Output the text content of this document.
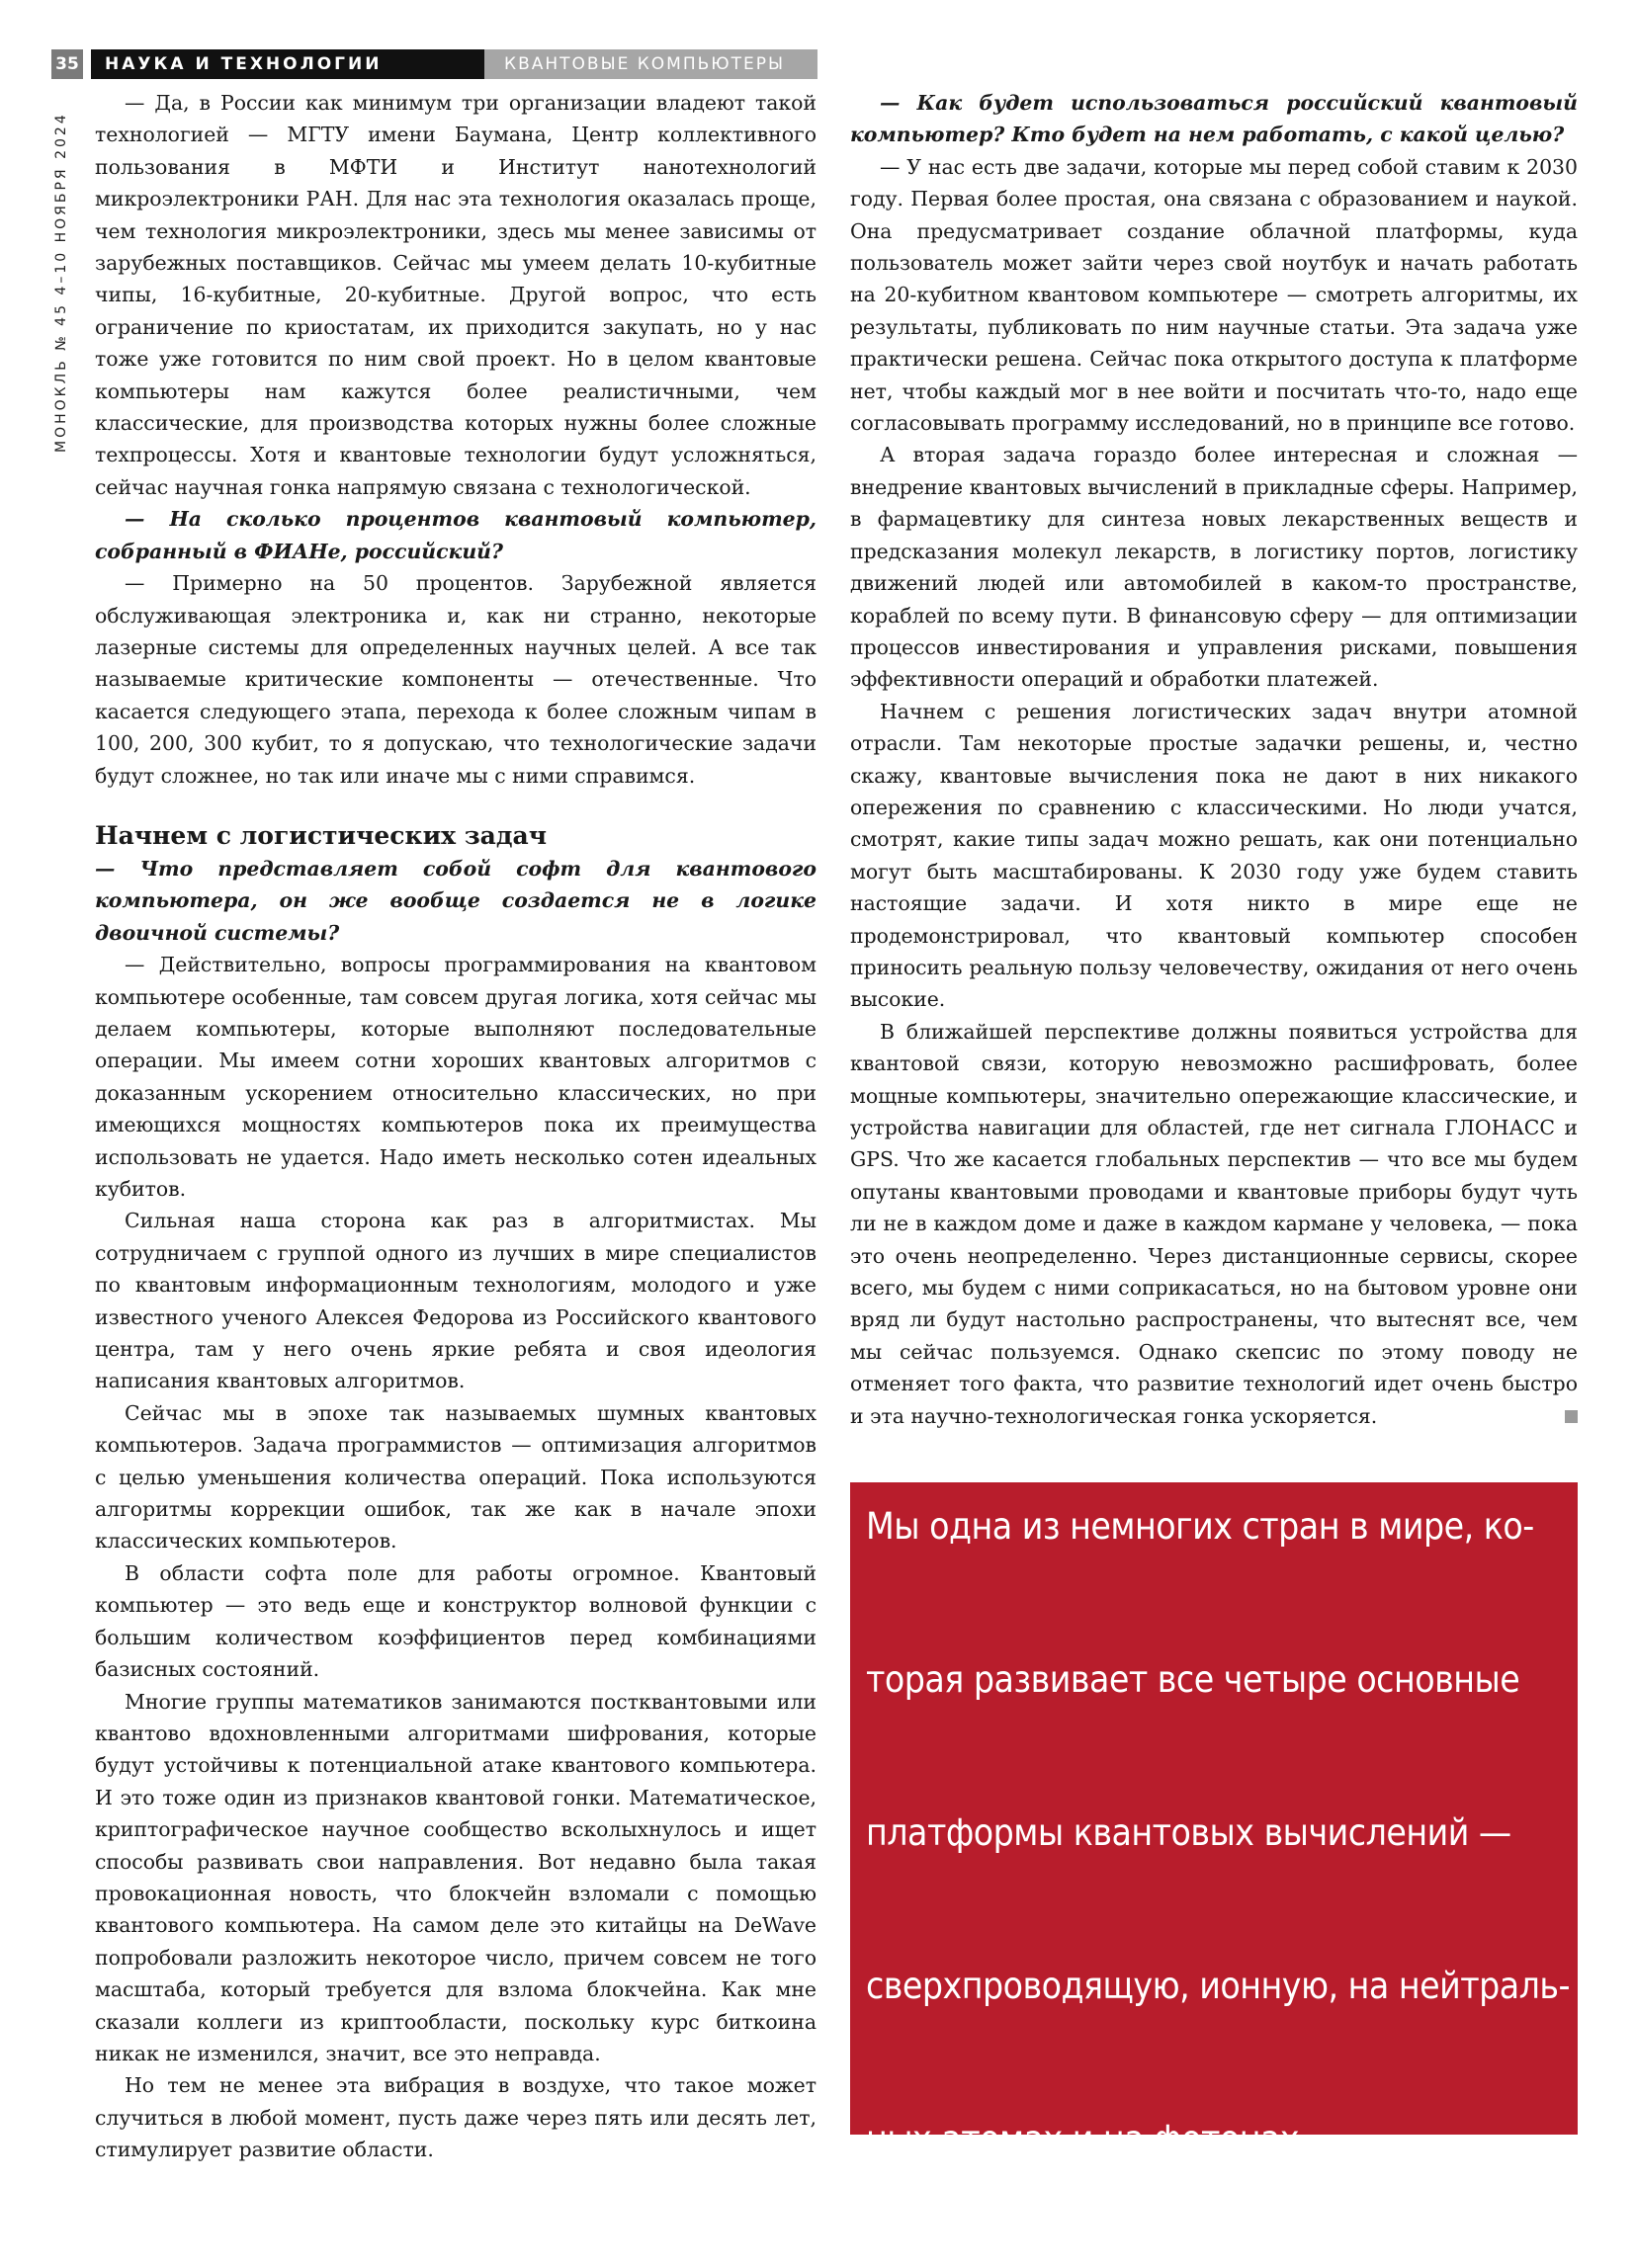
35	НАУКА И ТЕХНОЛОГИИ	КВАНТОВЫЕ КОМПЬЮТЕРЫ
МОНОКЛЬ № 45 4–10 НОЯБРЯ 2024

— Да, в России как минимум три организации владеют такой технологией — МГТУ имени Баумана, Центр коллективного пользования в МФТИ и Институт нанотехнологий микроэлектроники РАН. Для нас эта технология оказалась проще, чем технология микроэлектроники, здесь мы менее зависимы от зарубежных поставщиков. Сейчас мы умеем делать 10-кубитные чипы, 16-кубитные, 20-кубитные. Другой вопрос, что есть ограничение по криостатам, их приходится закупать, но у нас тоже уже готовится по ним свой проект. Но в целом квантовые компьютеры нам кажутся более реалистичными, чем классические, для производства которых нужны более сложные техпроцессы. Хотя и квантовые технологии будут усложняться, сейчас научная гонка напрямую связана с технологической.

— На сколько процентов квантовый компьютер, собранный в ФИАНе, российский?

— Примерно на 50 процентов. Зарубежной является обслуживающая электроника и, как ни странно, некоторые лазерные системы для определенных научных целей. А все так называемые критические компоненты — отечественные. Что касается следующего этапа, перехода к более сложным чипам в 100, 200, 300 кубит, то я допускаю, что технологические задачи будут сложнее, но так или иначе мы с ними справимся.

Начнем с логистических задач

— Что представляет собой софт для квантового компьютера, он же вообще создается не в логике двоичной системы?

— Действительно, вопросы программирования на квантовом компьютере особенные, там совсем другая логика, хотя сейчас мы делаем компьютеры, которые выполняют последовательные операции. Мы имеем сотни хороших квантовых алгоритмов с доказанным ускорением относительно классических, но при имеющихся мощностях компьютеров пока их преимущества использовать не удается. Надо иметь несколько сотен идеальных кубитов.

Сильная наша сторона как раз в алгоритмистах. Мы сотрудничаем с группой одного из лучших в мире специалистов по квантовым информационным технологиям, молодого и уже известного ученого Алексея Федорова из Российского квантового центра, там у него очень яркие ребята и своя идеология написания квантовых алгоритмов.

Сейчас мы в эпохе так называемых шумных квантовых компьютеров. Задача программистов — оптимизация алгоритмов с целью уменьшения количества операций. Пока используются алгоритмы коррекции ошибок, так же как в начале эпохи классических компьютеров.

В области софта поле для работы огромное. Квантовый компьютер — это ведь еще и конструктор волновой функции с большим количеством коэффициентов перед комбинациями базисных состояний.

Многие группы математиков занимаются постквантовыми или квантово вдохновленными алгоритмами шифрования, которые будут устойчивы к потенциальной атаке квантового компьютера. И это тоже один из признаков квантовой гонки. Математическое, криптографическое научное сообщество всколыхнулось и ищет способы развивать свои направления. Вот недавно была такая провокационная новость, что блокчейн взломали с помощью квантового компьютера. На самом деле это китайцы на DeWave попробовали разложить некоторое число, причем совсем не того масштаба, который требуется для взлома блокчейна. Как мне сказали коллеги из криптообласти, поскольку курс биткоина никак не изменился, значит, все это неправда.

Но тем не менее эта вибрация в воздухе, что такое может случиться в любой момент, пусть даже через пять или десять лет, стимулирует развитие области.

— Как будет использоваться российский квантовый компьютер? Кто будет на нем работать, с какой целью?

— У нас есть две задачи, которые мы перед собой ставим к 2030 году. Первая более простая, она связана с образованием и наукой. Она предусматривает создание облачной платформы, куда пользователь может зайти через свой ноутбук и начать работать на 20-кубитном квантовом компьютере — смотреть алгоритмы, их результаты, публиковать по ним научные статьи. Эта задача уже практически решена. Сейчас пока открытого доступа к платформе нет, чтобы каждый мог в нее войти и посчитать что-то, надо еще согласовывать программу исследований, но в принципе все готово.

А вторая задача гораздо более интересная и сложная — внедрение квантовых вычислений в прикладные сферы. Например, в фармацевтику для синтеза новых лекарственных веществ и предсказания молекул лекарств, в логистику портов, логистику движений людей или автомобилей в каком-то пространстве, кораблей по всему пути. В финансовую сферу — для оптимизации процессов инвестирования и управления рисками, повышения эффективности операций и обработки платежей.

Начнем с решения логистических задач внутри атомной отрасли. Там некоторые простые задачки решены, и, честно скажу, квантовые вычисления пока не дают в них никакого опережения по сравнению с классическими. Но люди учатся, смотрят, какие типы задач можно решать, как они потенциально могут быть масштабированы. К 2030 году уже будем ставить настоящие задачи. И хотя никто в мире еще не продемонстрировал, что квантовый компьютер способен приносить реальную пользу человечеству, ожидания от него очень высокие.

В ближайшей перспективе должны появиться устройства для квантовой связи, которую невозможно расшифровать, более мощные компьютеры, значительно опережающие классические, и устройства навигации для областей, где нет сигнала ГЛОНАСС и GPS. Что же касается глобальных перспектив — что все мы будем опутаны квантовыми проводами и квантовые приборы будут чуть ли не в каждом доме и даже в каждом кармане у человека, — пока это очень неопределенно. Через дистанционные сервисы, скорее всего, мы будем с ними соприкасаться, но на бытовом уровне они вряд ли будут настольно распространены, что вытеснят все, чем мы сейчас пользуемся. Однако скепсис по этому поводу не отменяет того факта, что развитие технологий идет очень быстро и эта научно-технологическая гонка ускоряется.

Мы одна из немногих стран в мире, ко-
торая развивает все четыре основные
платформы квантовых вычислений —
сверхпроводящую, ионную, на нейтраль-
ных атомах и на фотонах
